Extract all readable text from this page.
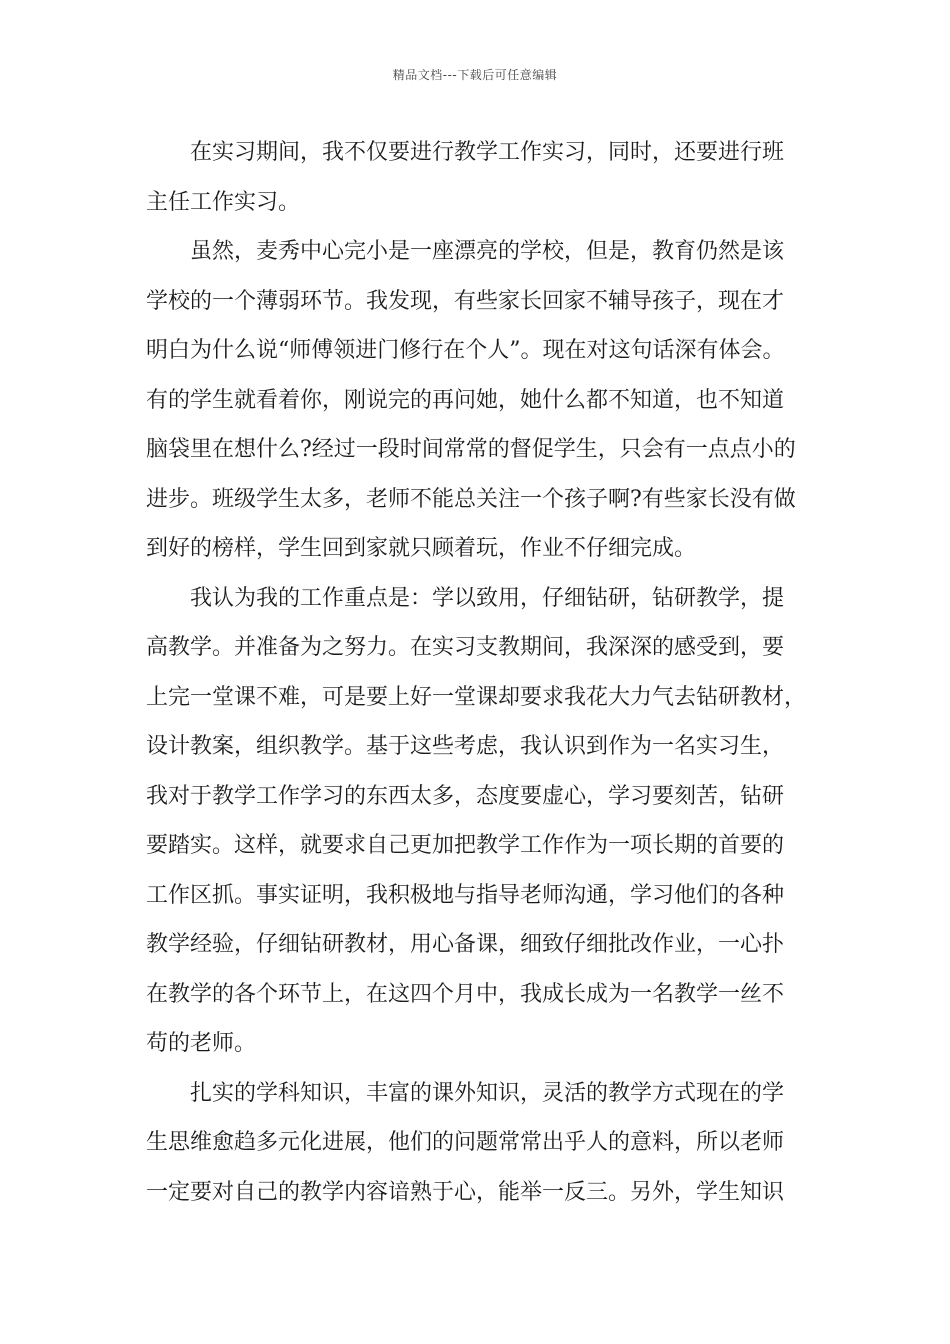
精品文档---下载后可任意编辑
在实习期间，我不仅要进行教学工作实习，同时，还要进行班
主任工作实习。
虽然，麦秀中心完小是一座漂亮的学校，但是，教育仍然是该
学校的一个薄弱环节。我发现，有些家长回家不辅导孩子，现在才
明白为什么说“师傅领进门修行在个人”。现在对这句话深有体会。
有的学生就看着你，刚说完的再问她，她什么都不知道，也不知道
脑袋里在想什么?经过一段时间常常的督促学生，只会有一点点小的
进步。班级学生太多，老师不能总关注一个孩子啊?有些家长没有做
到好的榜样，学生回到家就只顾着玩，作业不仔细完成。
我认为我的工作重点是：学以致用，仔细钻研，钻研教学，提
高教学。并准备为之努力。在实习支教期间，我深深的感受到，要
上完一堂课不难，可是要上好一堂课却要求我花大力气去钻研教材，
设计教案，组织教学。基于这些考虑，我认识到作为一名实习生，
我对于教学工作学习的东西太多，态度要虚心，学习要刻苦，钻研
要踏实。这样，就要求自己更加把教学工作作为一项长期的首要的
工作区抓。事实证明，我积极地与指导老师沟通，学习他们的各种
教学经验，仔细钻研教材，用心备课，细致仔细批改作业，一心扑
在教学的各个环节上，在这四个月中，我成长成为一名教学一丝不
苟的老师。
扎实的学科知识，丰富的课外知识，灵活的教学方式现在的学
生思维愈趋多元化进展，他们的问题常常出乎人的意料，所以老师
一定要对自己的教学内容谙熟于心，能举一反三。另外，学生知识
